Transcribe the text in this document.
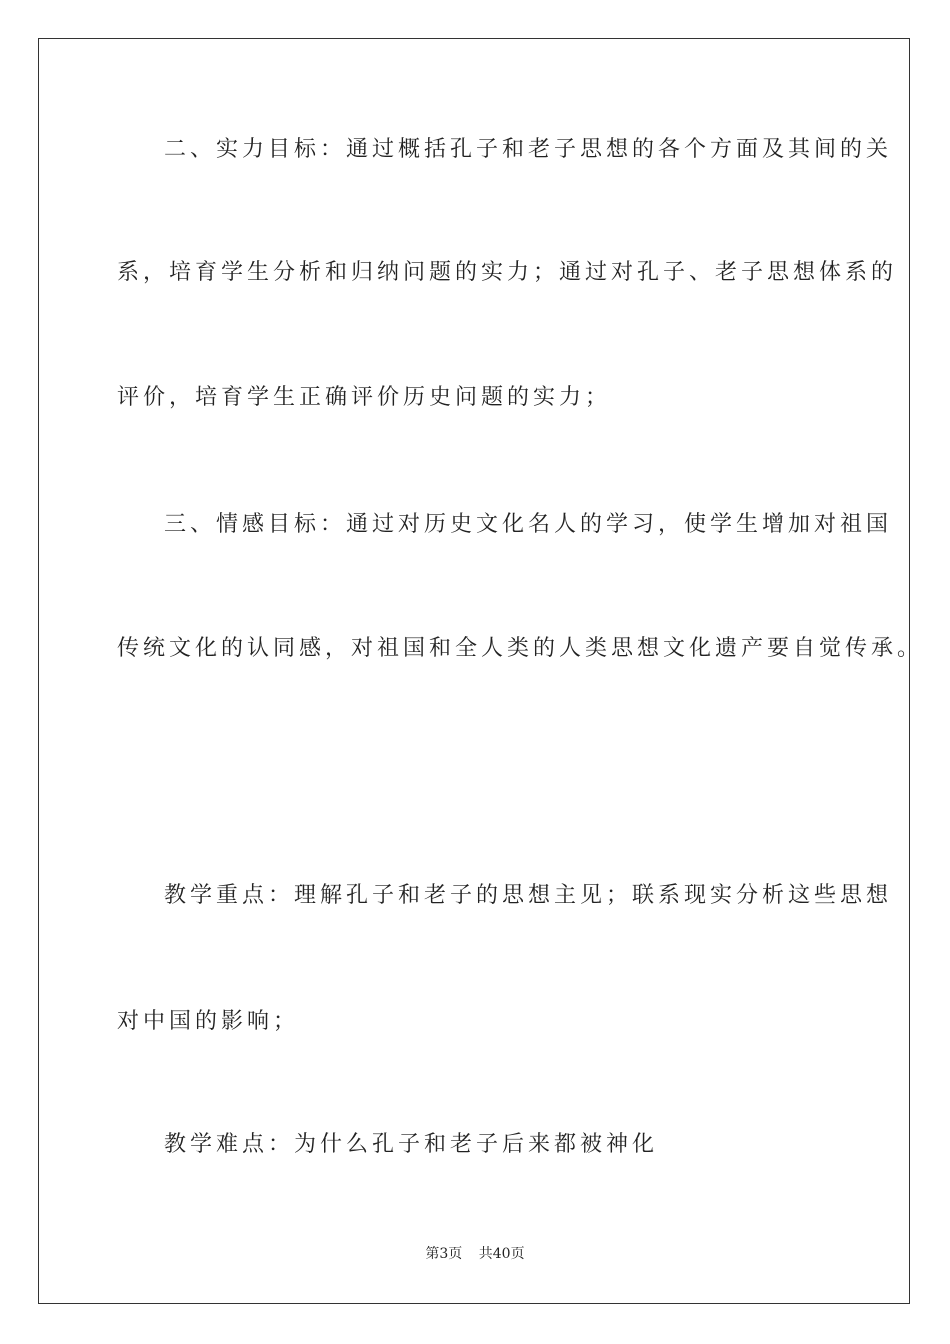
二、实力目标：通过概括孔子和老子思想的各个方面及其间的关
系，培育学生分析和归纳问题的实力；通过对孔子、老子思想体系的
评价，培育学生正确评价历史问题的实力；
三、情感目标：通过对历史文化名人的学习，使学生增加对祖国
传统文化的认同感，对祖国和全人类的人类思想文化遗产要自觉传承。
教学重点：理解孔子和老子的思想主见；联系现实分析这些思想
对中国的影响；
教学难点：为什么孔子和老子后来都被神化
第3页 共40页
